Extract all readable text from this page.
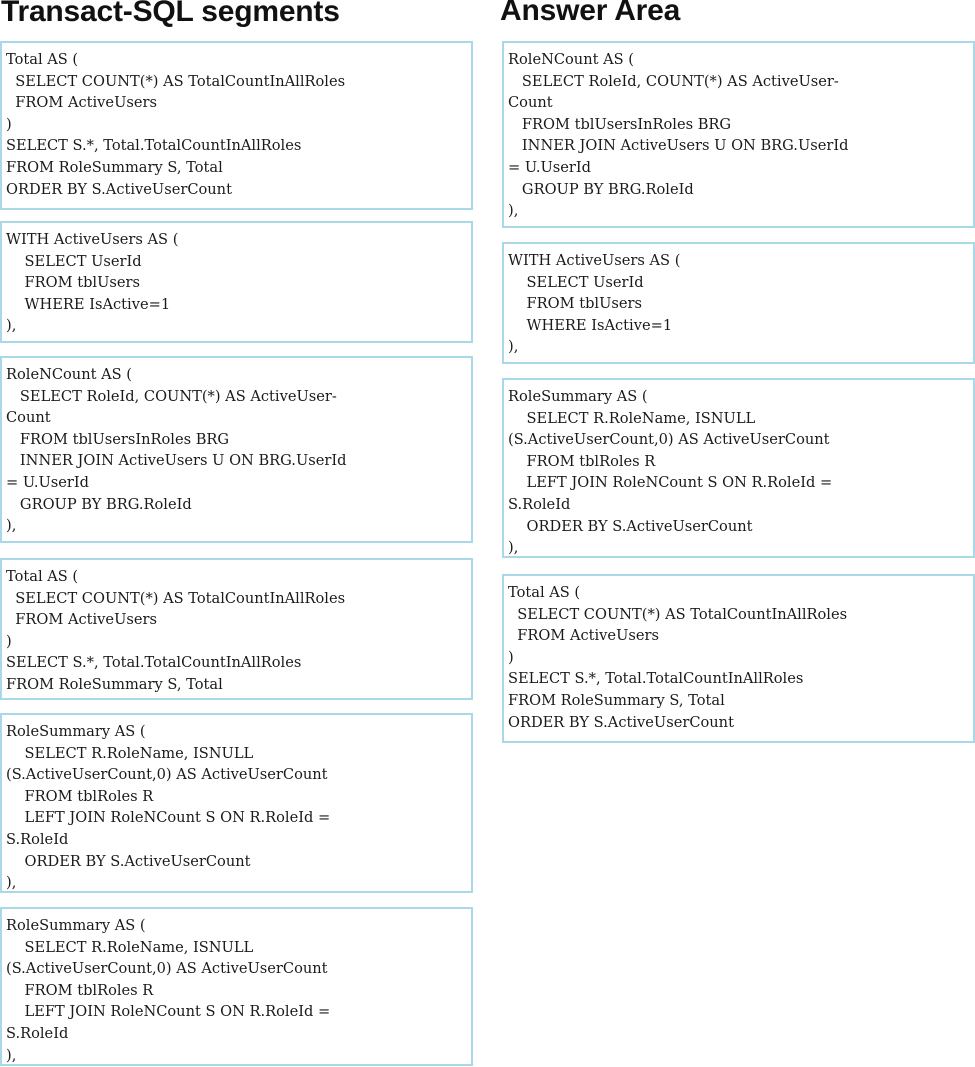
Transact-SQL segments	Answer Area
Total AS (
SELECT COUNT(*) AS TotalCountInAllRoles
FROM ActiveUsers
)
SELECT S.*, Total.TotalCountInAllRoles
FROM RoleSummary S, Total
ORDER BY S.ActiveUserCount
WITH ActiveUsers AS (
SELECT UserId
FROM tblUsers
WHERE IsActive=1
),
RoleNCount AS (
SELECT RoleId, COUNT(*) AS ActiveUser-
Count
FROM tblUsersInRoles BRG
INNER JOIN ActiveUsers U ON BRG.UserId
= U.UserId
GROUP BY BRG.RoleId
),
Total AS (
SELECT COUNT(*) AS TotalCountInAllRoles
FROM ActiveUsers
)
SELECT S.*, Total.TotalCountInAllRoles
FROM RoleSummary S, Total
RoleSummary AS (
SELECT R.RoleName, ISNULL
(S.ActiveUserCount,0) AS ActiveUserCount
FROM tblRoles R
LEFT JOIN RoleNCount S ON R.RoleId =
S.RoleId
ORDER BY S.ActiveUserCount
),
RoleSummary AS (
SELECT R.RoleName, ISNULL
(S.ActiveUserCount,0) AS ActiveUserCount
FROM tblRoles R
LEFT JOIN RoleNCount S ON R.RoleId =
S.RoleId
),
RoleNCount AS (
SELECT RoleId, COUNT(*) AS ActiveUser-
Count
FROM tblUsersInRoles BRG
INNER JOIN ActiveUsers U ON BRG.UserId
= U.UserId
GROUP BY BRG.RoleId
),
WITH ActiveUsers AS (
SELECT UserId
FROM tblUsers
WHERE IsActive=1
),
RoleSummary AS (
SELECT R.RoleName, ISNULL
(S.ActiveUserCount,0) AS ActiveUserCount
FROM tblRoles R
LEFT JOIN RoleNCount S ON R.RoleId =
S.RoleId
ORDER BY S.ActiveUserCount
),
Total AS (
SELECT COUNT(*) AS TotalCountInAllRoles
FROM ActiveUsers
)
SELECT S.*, Total.TotalCountInAllRoles
FROM RoleSummary S, Total
ORDER BY S.ActiveUserCount
